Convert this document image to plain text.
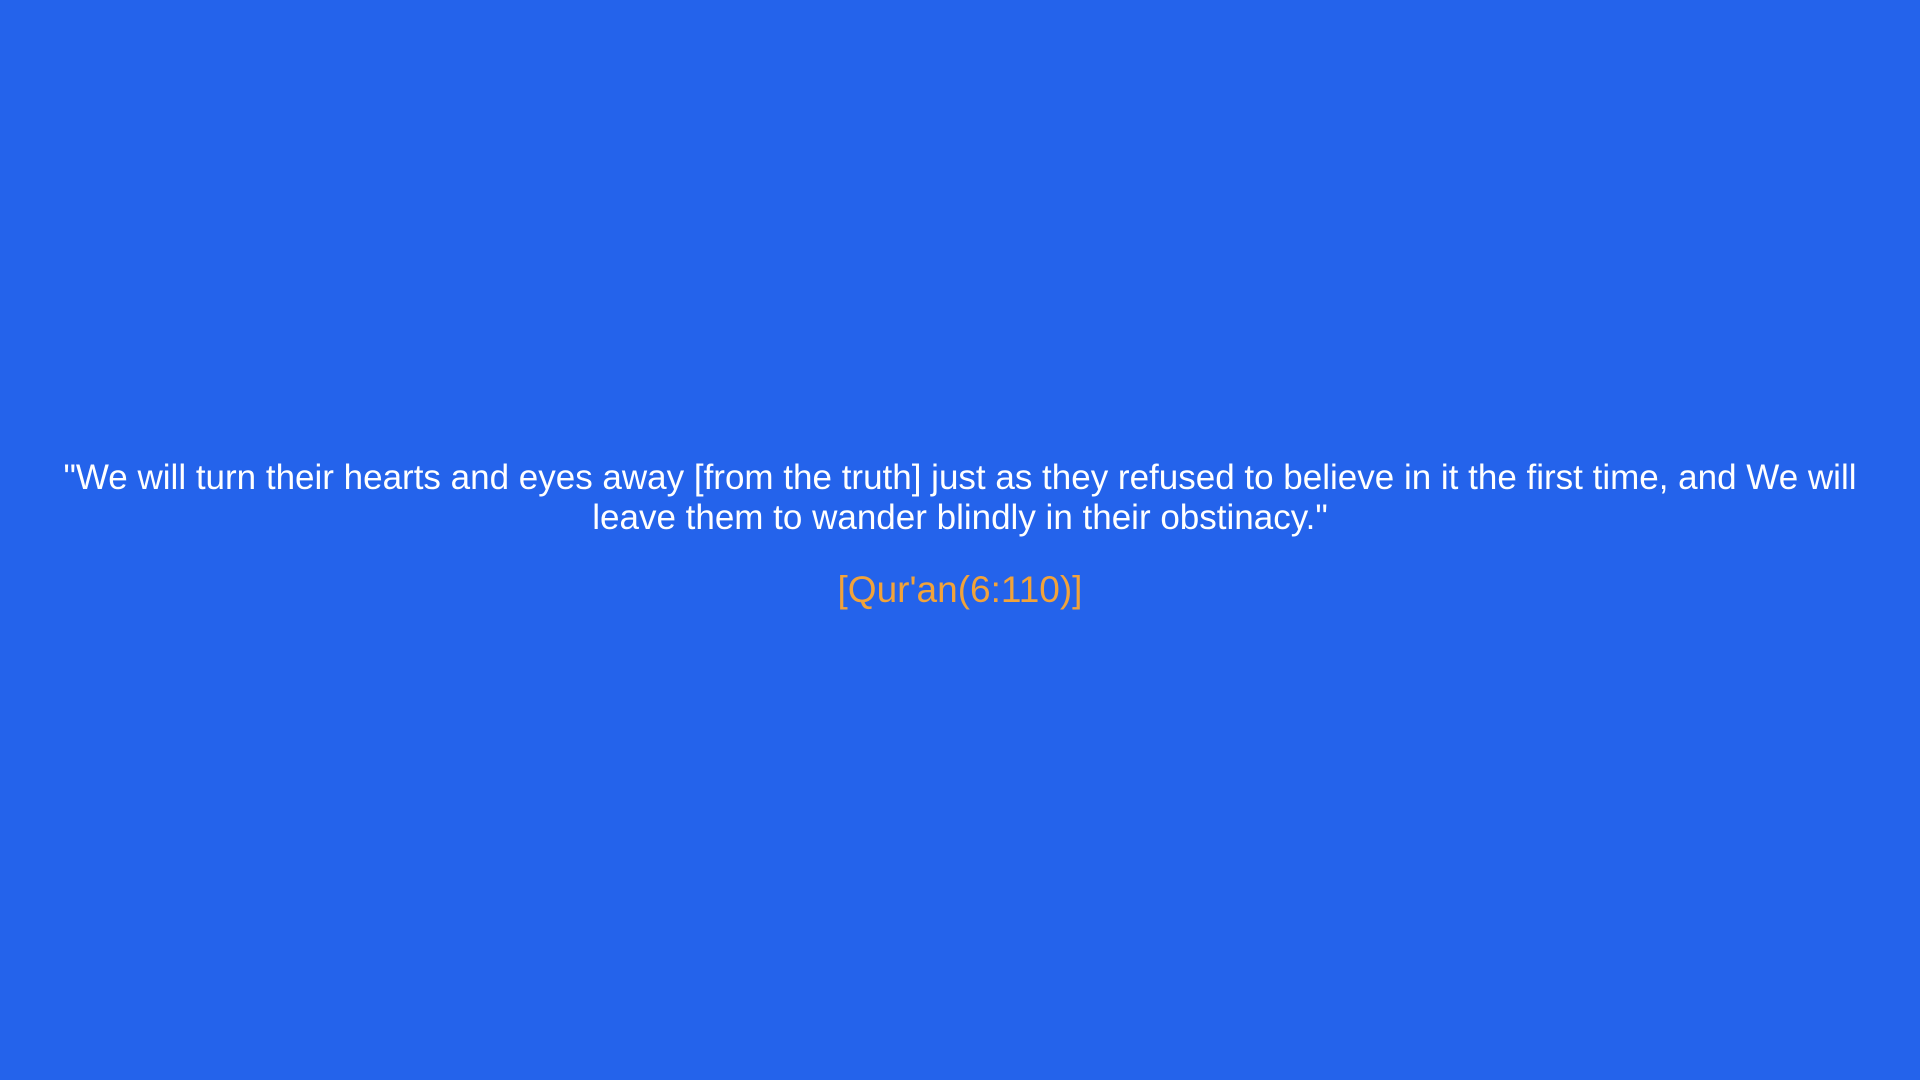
"We will turn their hearts and eyes away [from the truth] just as they refused to believe in it the first time, and We will leave them to wander blindly in their obstinacy."

[Qur'an(6:110)]
